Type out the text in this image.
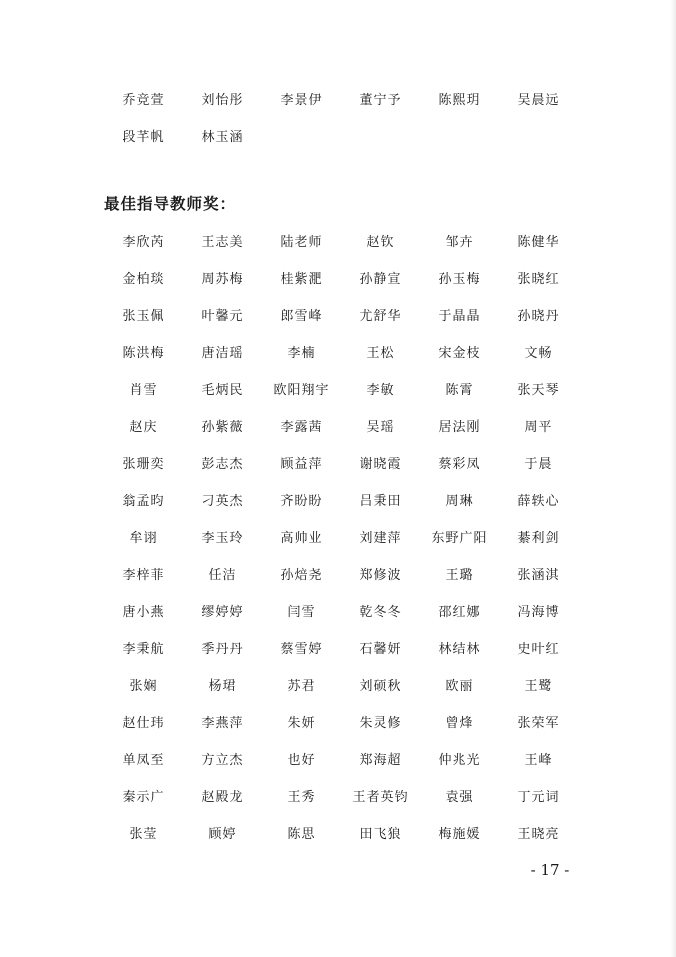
乔竞萱	刘怡彤	李景伊	董宁予	陈熙玥	吴晨远
段芊帆	林玉涵
最佳指导教师奖：
李欣芮	王志美	陆老师	赵钦	邹卉	陈健华
金柏琰	周苏梅	桂紫淝	孙静宣	孙玉梅	张晓红
张玉佩	叶馨元	郎雪峰	尤舒华	于晶晶	孙晓丹
陈洪梅	唐洁瑶	李楠	王松	宋金枝	文畅
肖雪	毛炳民	欧阳翔宇	李敏	陈霄	张天琴
赵庆	孙紫薇	李露茜	吴瑶	居法刚	周平
张珊奕	彭志杰	顾益萍	谢晓霞	蔡彩凤	于晨
翁孟昀	刁英杰	齐盼盼	吕秉田	周琳	薛轶心
牟诩	李玉玲	高帅业	刘建萍	东野广阳	綦利剑
李梓菲	任洁	孙焙尧	郑修波	王璐	张涵淇
唐小燕	缪婷婷	闫雪	乾冬冬	邵红娜	冯海博
李秉航	季丹丹	蔡雪婷	石馨妍	林结林	史叶红
张娴	杨珺	苏君	刘硕秋	欧丽	王鹭
赵仕玮	李燕萍	朱妍	朱灵修	曾烽	张荣军
单凤至	方立杰	也好	郑海超	仲兆光	王峰
秦示广	赵殿龙	王秀	王者英钧	袁强	丁元词
张莹	顾婷	陈思	田飞狼	梅施媛	王晓亮
- 17 -
